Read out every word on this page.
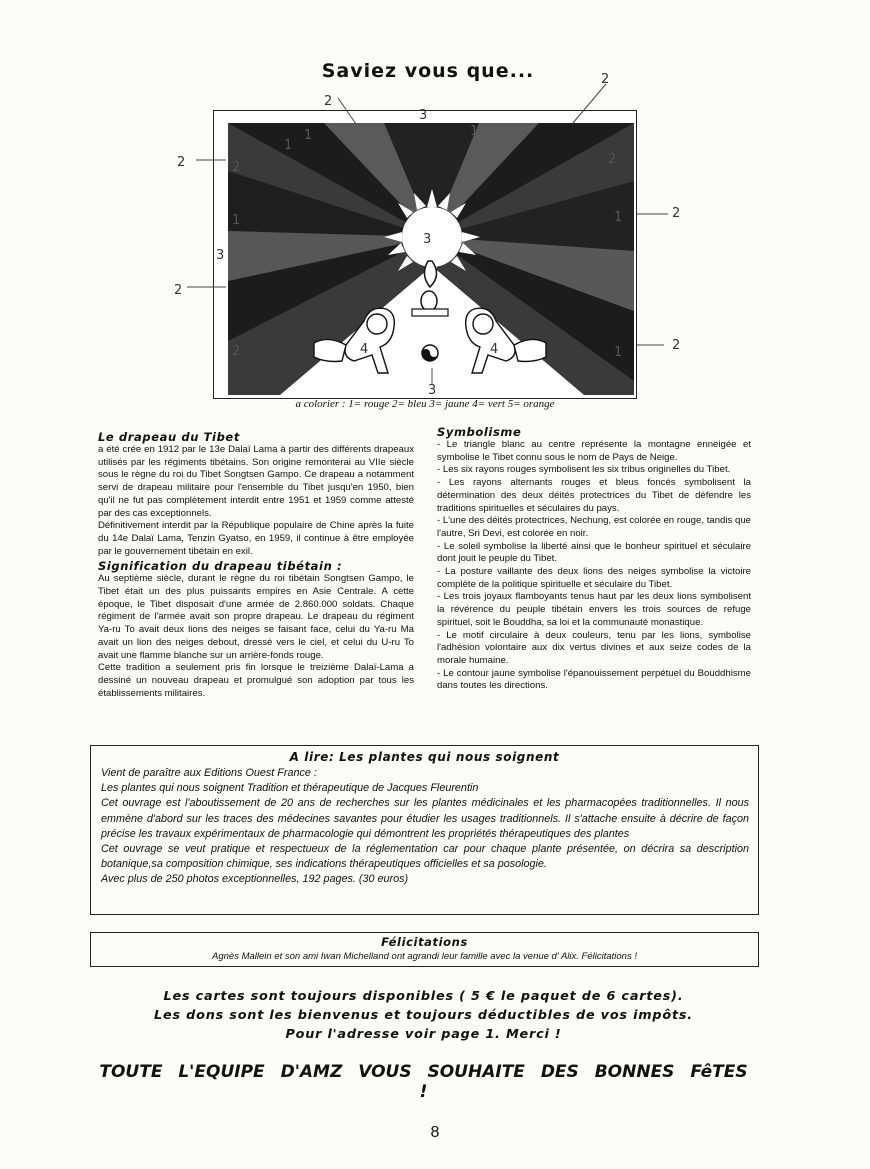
Saviez vous que...
2
3
2
2
2
3
2
2
3
1	1
1
2
1
2
2
1
1
1
3
5
4	4
a colorier : 1= rouge 2= bleu 3= jaune 4= vert 5= orange
Le drapeau du Tibet

a été crée en 1912 par le 13e Dalaï Lama à partir des différents drapeaux utilisés par les régiments tibétains. Son origine remonterai au VIIe siècle sous le règne du roi du Tibet Songtsen Gampo. Ce drapeau a notamment servi de drapeau militaire pour l'ensemble du Tibet jusqu'en 1950, bien qu'il ne fut pas complètement interdit entre 1951 et 1959 comme attesté par des cas exceptionnels.

Définitivement interdit par la République populaire de Chine après la fuite du 14e Dalaï Lama, Tenzin Gyatso, en 1959, il continue à être employée par le gouvernement tibétain en exil.

Signification du drapeau tibétain :

Au septième siècle, durant le règne du roi tibétain Songtsen Gampo, le Tibet était un des plus puissants empires en Asie Centrale. A cette époque, le Tibet disposait d'une armée de 2.860.000 soldats. Chaque régiment de l'armée avait son propre drapeau. Le drapeau du régiment Ya-ru To avait deux lions des neiges se faisant face, celui du Ya-ru Ma avait un lion des neiges debout, dressé vers le ciel, et celui du U-ru To avait une flamme blanche sur un arrière-fonds rouge.

Cette tradition a seulement pris fin lorsque le treizième Dalaï-Lama a dessiné un nouveau drapeau et promulgué son adoption par tous les établissements militaires.

Symbolisme

- Le triangle blanc au centre représente la montagne enneigée et symbolise le Tibet connu sous le nom de Pays de Neige.

- Les six rayons rouges symbolisent les six tribus originelles du Tibet.

- Les rayons alternants rouges et bleus foncés symbolisent la détermination des deux déités protectrices du Tibet de défendre les traditions spirituelles et séculaires du pays.

- L'une des déités protectrices, Nechung, est colorée en rouge, tandis que l'autre, Sri Devi, est colorée en noir.

- Le soleil symbolise la liberté ainsi que le bonheur spirituel et séculaire dont jouit le peuple du Tibet.

- La posture vaillante des deux lions des neiges symbolise la victoire complète de la politique spirituelle et séculaire du Tibet.

- Les trois joyaux flamboyants tenus haut par les deux lions symbolisent la révérence du peuple tibétain envers les trois sources de refuge spirituel, soit le Bouddha, sa loi et la communauté monastique.

- Le motif circulaire à deux couleurs, tenu par les lions, symbolise l'adhésion volontaire aux dix vertus divines et aux seize codes de la morale humaine.

- Le contour jaune symbolise l'épanouissement perpétuel du Bouddhisme dans toutes les directions.

A lire: Les plantes qui nous soignent

Vient de paraître aux Editions Ouest France :

Les plantes qui nous soignent Tradition et thérapeutique de Jacques Fleurentin

Cet ouvrage est l'aboutissement de 20 ans de recherches sur les plantes médicinales et les pharmacopées traditionnelles. Il nous emmène d'abord sur les traces des médecines savantes pour étudier les usages traditionnels. Il s'attache ensuite à décrire de façon précise les travaux expérimentaux de pharmacologie qui démontrent les propriétés thérapeutiques des plantes

Cet ouvrage se veut pratique et respectueux de la réglementation car pour chaque plante présentée, on décrira sa description botanique,sa composition chimique, ses indications thérapeutiques officielles et sa posologie.

Avec plus de 250 photos exceptionnelles, 192 pages. (30 euros)

Félicitations
Agnès Mallein et son ami Iwan Michelland ont agrandi leur famille avec la venue d' Alix. Félicitations !

Les cartes sont toujours disponibles ( 5 € le paquet de 6 cartes).

Les dons sont les bienvenus et toujours déductibles de vos impôts.

Pour l'adresse voir page 1. Merci !

TOUTE L'EQUIPE D'AMZ VOUS SOUHAITE DES BONNES FêTES !
8
